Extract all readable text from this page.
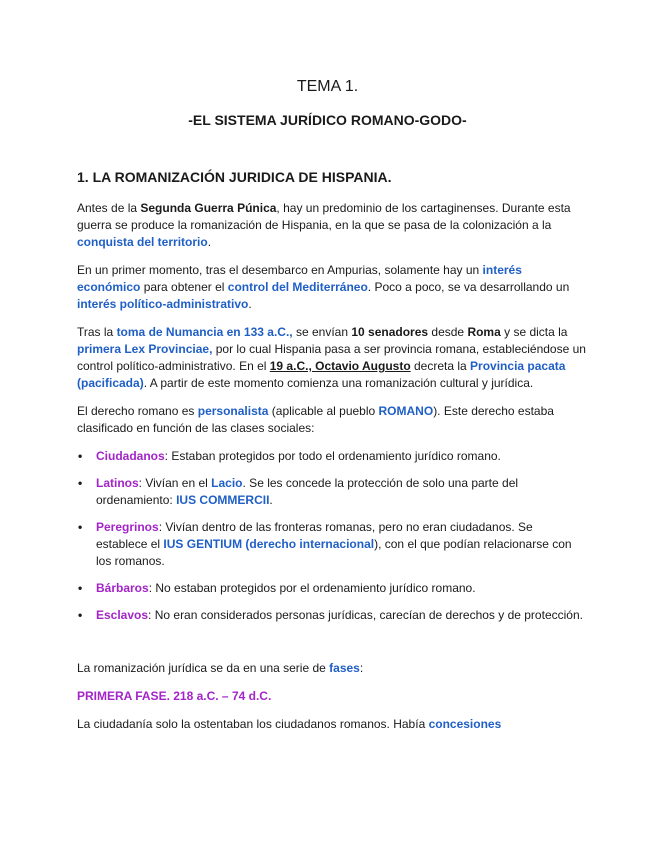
TEMA 1.
-EL SISTEMA JURÍDICO ROMANO-GODO-
1. LA ROMANIZACIÓN JURIDICA DE HISPANIA.

Antes de la Segunda Guerra Púnica, hay un predominio de los cartaginenses. Durante esta guerra se produce la romanización de Hispania, en la que se pasa de la colonización a la conquista del territorio.

En un primer momento, tras el desembarco en Ampurias, solamente hay un interés económico para obtener el control del Mediterráneo. Poco a poco, se va desarrollando un interés político-administrativo.

Tras la toma de Numancia en 133 a.C., se envían 10 senadores desde Roma y se dicta la primera Lex Provinciae, por lo cual Hispania pasa a ser provincia romana, estableciéndose un control político-administrativo. En el 19 a.C., Octavio Augusto decreta la Provincia pacata (pacificada). A partir de este momento comienza una romanización cultural y jurídica.

El derecho romano es personalista (aplicable al pueblo ROMANO). Este derecho estaba clasificado en función de las clases sociales:

• Ciudadanos: Estaban protegidos por todo el ordenamiento jurídico romano.
• Latinos: Vivían en el Lacio. Se les concede la protección de solo una parte del ordenamiento: IUS COMMERCII.
• Peregrinos: Vivían dentro de las fronteras romanas, pero no eran ciudadanos. Se establece el IUS GENTIUM (derecho internacional), con el que podían relacionarse con los romanos.
• Bárbaros: No estaban protegidos por el ordenamiento jurídico romano.
• Esclavos: No eran considerados personas jurídicas, carecían de derechos y de protección.

La romanización jurídica se da en una serie de fases:

PRIMERA FASE. 218 a.C. – 74 d.C.

La ciudadanía solo la ostentaban los ciudadanos romanos. Había concesiones
